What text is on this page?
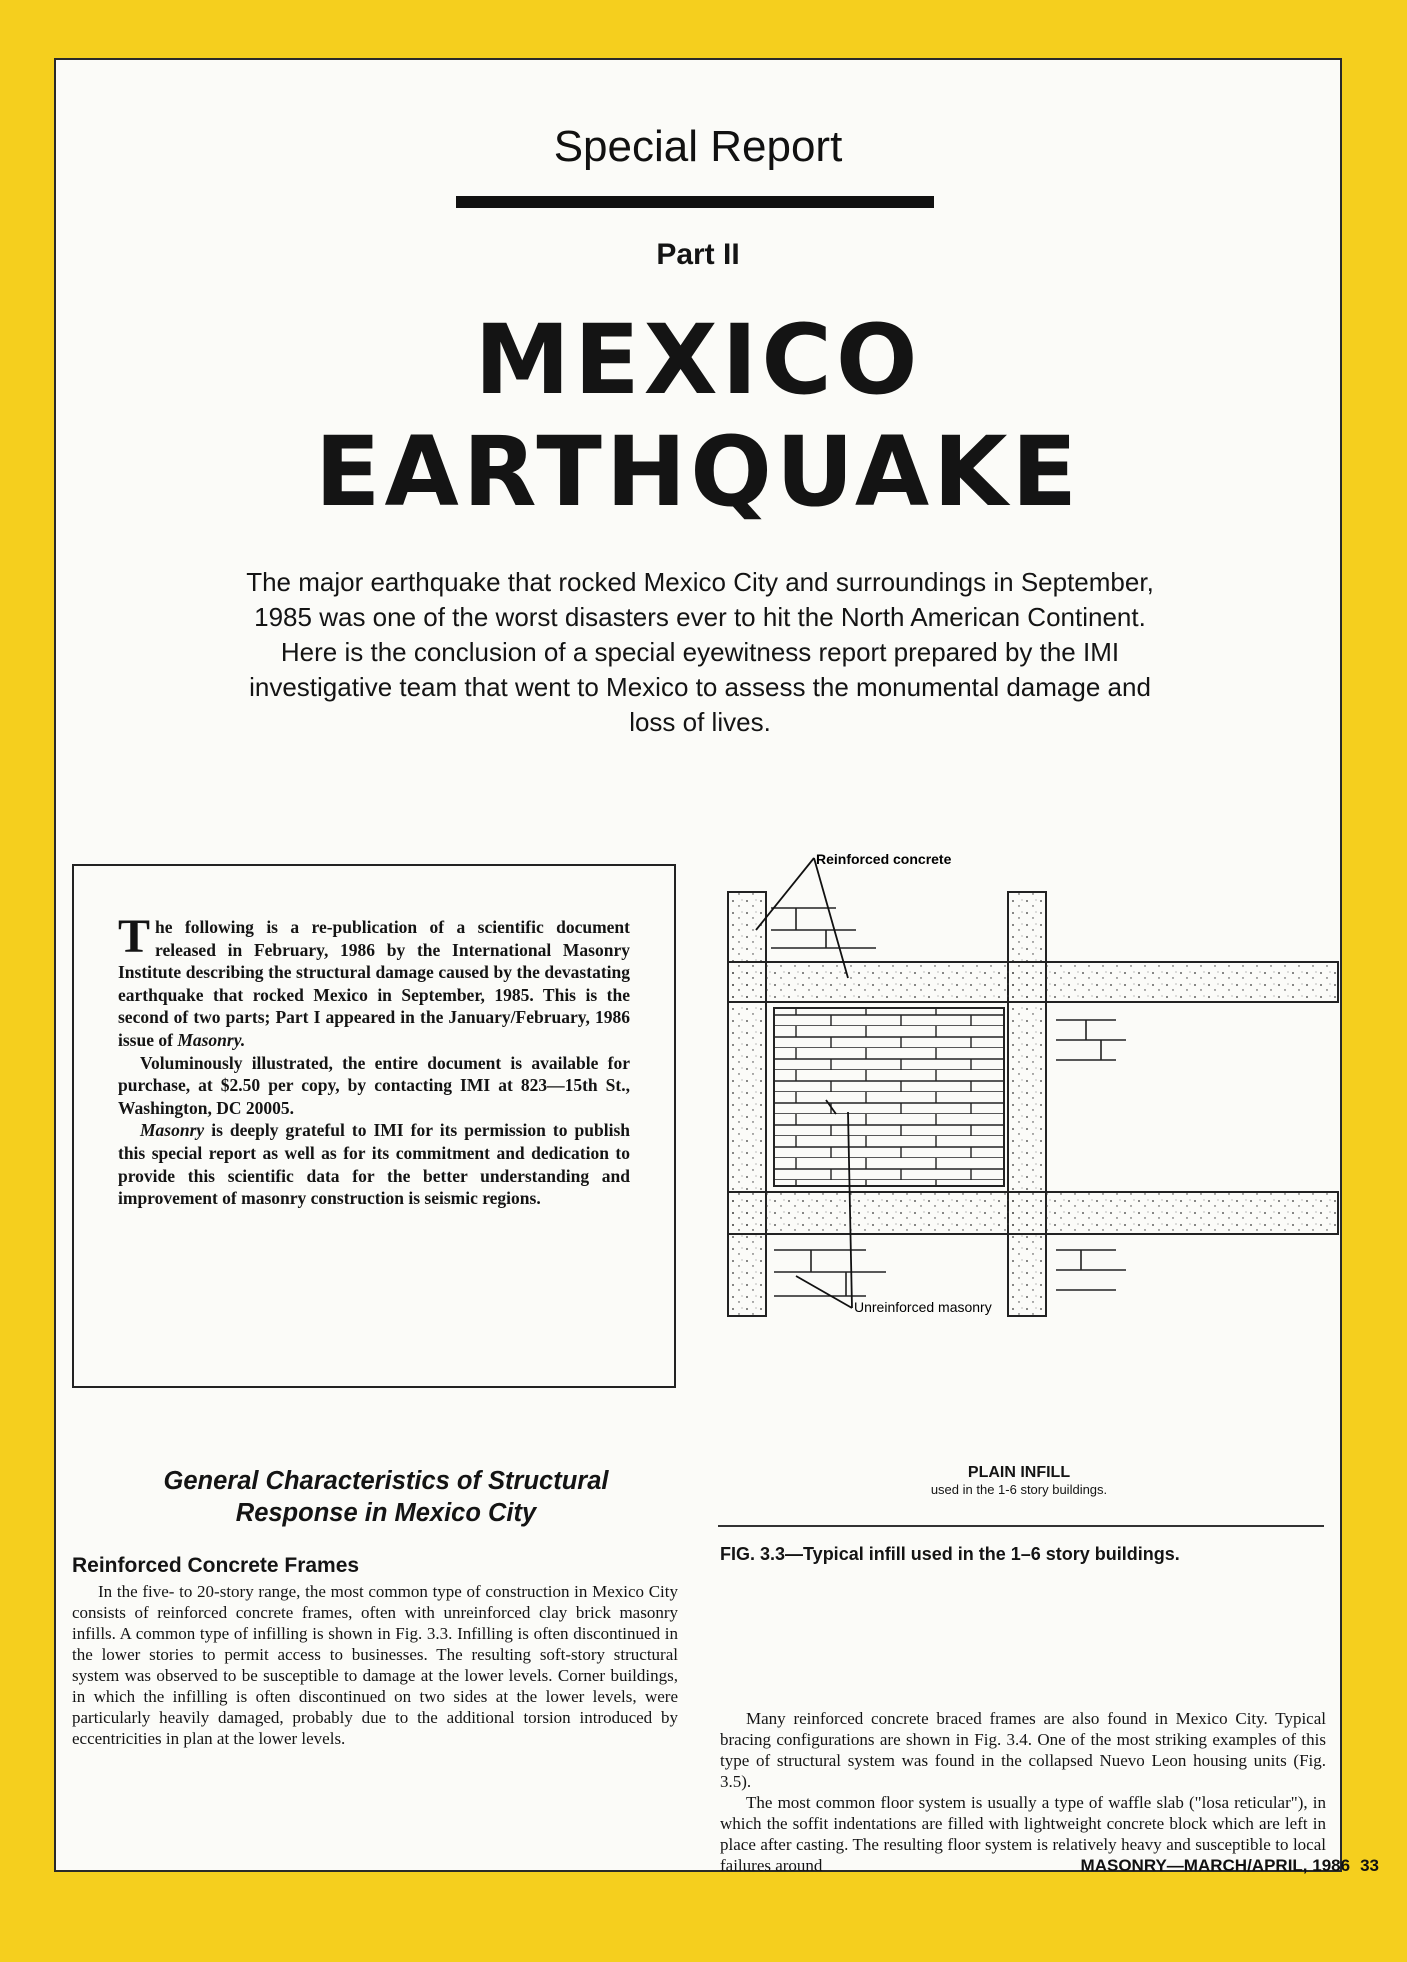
Special Report
Part II
MEXICO
EARTHQUAKE
The major earthquake that rocked Mexico City and surroundings in September, 1985 was one of the worst disasters ever to hit the North American Continent. Here is the conclusion of a special eyewitness report prepared by the IMI investigative team that went to Mexico to assess the monumental damage and loss of lives.

The following is a re-publication of a scientific document released in February, 1986 by the International Masonry Institute describing the structural damage caused by the devastating earthquake that rocked Mexico in September, 1985. This is the second of two parts; Part I appeared in the January/February, 1986 issue of Masonry.

Voluminously illustrated, the entire document is available for purchase, at $2.50 per copy, by contacting IMI at 823—15th St., Washington, DC 20005.

Masonry is deeply grateful to IMI for its permission to publish this special report as well as for its commitment and dedication to provide this scientific data for the better understanding and improvement of masonry construction is seismic regions.

Reinforced concrete
Unreinforced masonry
PLAIN INFILL
used in the 1-6 story buildings.
FIG. 3.3—Typical infill used in the 1–6 story buildings.
General Characteristics of Structural
Response in Mexico City
Reinforced Concrete Frames

In the five- to 20-story range, the most common type of construction in Mexico City consists of reinforced concrete frames, often with unreinforced clay brick masonry infills. A common type of infilling is shown in Fig. 3.3. Infilling is often discontinued in the lower stories to permit access to businesses. The resulting soft-story structural system was observed to be susceptible to damage at the lower levels. Corner buildings, in which the infilling is often discontinued on two sides at the lower levels, were particularly heavily damaged, probably due to the additional torsion introduced by eccentricities in plan at the lower levels.

Many reinforced concrete braced frames are also found in Mexico City. Typical bracing configurations are shown in Fig. 3.4. One of the most striking examples of this type of structural system was found in the collapsed Nuevo Leon housing units (Fig. 3.5).

The most common floor system is usually a type of waffle slab ("losa reticular"), in which the soffit indentations are filled with lightweight concrete block which are left in place after casting. The resulting floor system is relatively heavy and susceptible to local failures around	MASONRY—MARCH/APRIL, 1986 33
